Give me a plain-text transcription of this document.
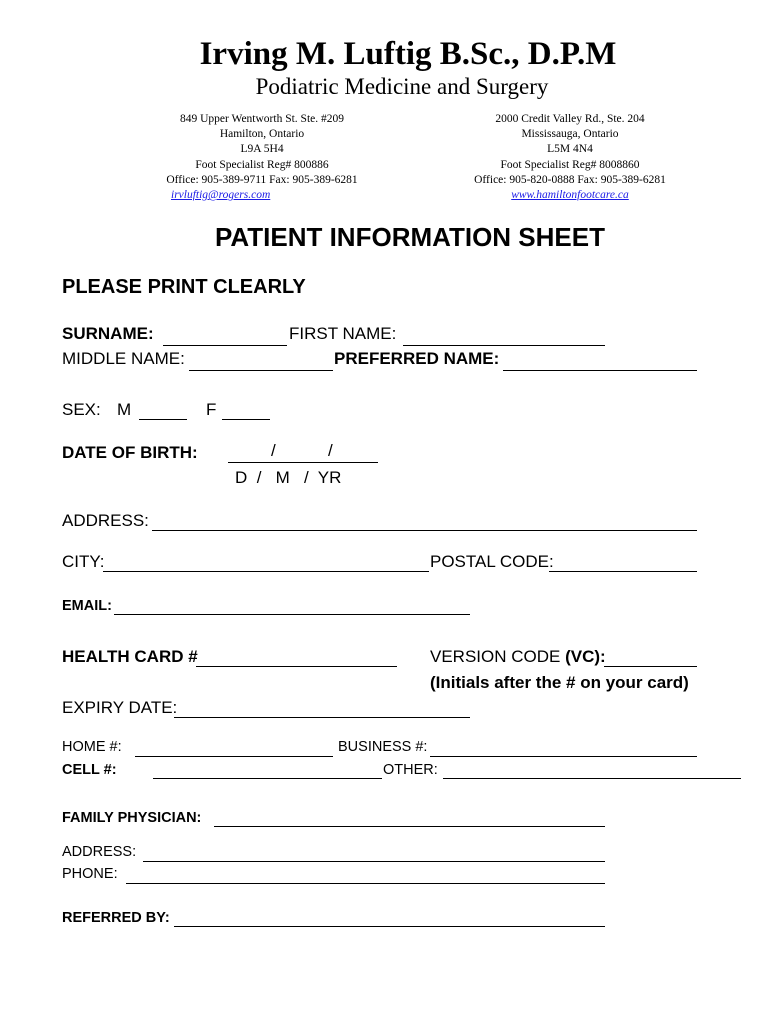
Irving M. Luftig B.Sc., D.P.M
Podiatric Medicine and Surgery
849 Upper Wentworth St. Ste. #209
Hamilton, Ontario
L9A 5H4
Foot Specialist Reg# 800886
Office: 905-389-9711 Fax: 905-389-6281
irvluftig@rogers.com
2000 Credit Valley Rd., Ste. 204
Mississauga, Ontario
L5M 4N4
Foot Specialist Reg# 8008860
Office: 905-820-0888 Fax: 905-389-6281
www.hamiltonfootcare.ca
PATIENT INFORMATION SHEET
PLEASE PRINT CLEARLY
SURNAME:	FIRST NAME:
MIDDLE NAME:	PREFERRED NAME:
SEX: M	F
DATE OF BIRTH:	/	/
D  /   M   /  YR
ADDRESS:
CITY:	POSTAL CODE:
EMAIL:
HEALTH CARD #	VERSION CODE (VC):
(Initials after the # on your card)
EXPIRY DATE:
HOME #:	BUSINESS #:
CELL #:	OTHER:
FAMILY PHYSICIAN:
ADDRESS:
PHONE:
REFERRED BY:
